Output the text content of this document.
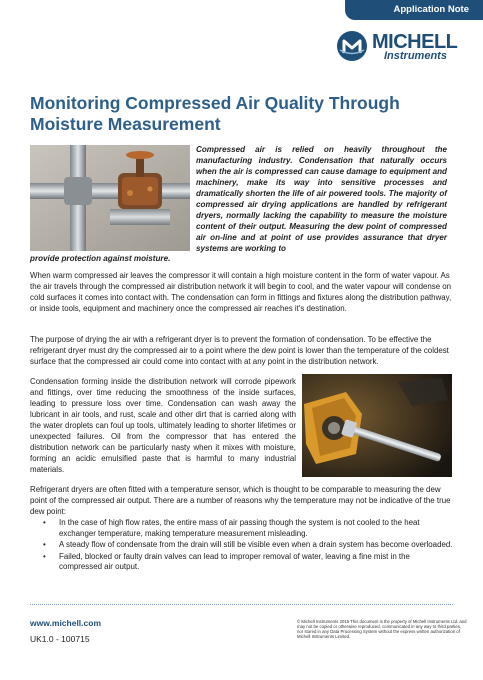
Application Note
MICHELL
Instruments
Monitoring Compressed Air Quality Through Moisture Measurement

Compressed air is relied on heavily throughout the manufacturing industry. Condensation that naturally occurs when the air is compressed can cause damage to equipment and machinery, make its way into sensitive processes and dramatically shorten the life of air powered tools. The majority of compressed air drying applications are handled by refrigerant dryers, normally lacking the capability to measure the moisture content of their output. Measuring the dew point of compressed air on-line and at point of use provides assurance that dryer systems are working to

provide protection against moisture.

When warm compressed air leaves the compressor it will contain a high moisture content in the form of water vapour. As the air travels through the compressed air distribution network it will begin to cool, and the water vapour will condense on cold surfaces it comes into contact with. The condensation can form in fittings and fixtures along the distribution pathway, or inside tools, equipment and machinery once the compressed air reaches it's destination.

The purpose of drying the air with a refrigerant dryer is to prevent the formation of condensation. To be effective the refrigerant dryer must dry the compressed air to a point where the dew point is lower than the temperature of the coldest surface that the compressed air could come into contact with at any point in the distribution network.

Condensation forming inside the distribution network will corrode pipework and fittings, over time reducing the smoothness of the inside surfaces, leading to pressure loss over time. Condensation can wash away the lubricant in air tools, and rust, scale and other dirt that is carried along with the water droplets can foul up tools, ultimately leading to shorter lifetimes or unexpected failures. Oil from the compressor that has entered the distribution network can be particularly nasty when it mixes with moisture, forming an acidic emulsified paste that is harmful to many industrial materials.

Refrigerant dryers are often fitted with a temperature sensor, which is thought to be comparable to measuring the dew point of the compressed air output. There are a number of reasons why the temperature may not be indicative of the true dew point:

• In the case of high flow rates, the entire mass of air passing though the system is not cooled to the heat exchanger temperature, making temperature measurement misleading.
• A steady flow of condensate from the drain will still be visible even when a drain system has become overloaded.
• Failed, blocked or faulty drain valves can lead to improper removal of water, leaving a fine mist in the compressed air output.
www.michell.com
UK1.0 - 100715

© Michell Instruments 2015 This document is the property of Michell Instruments Ltd. and may not be copied or otherwise reproduced, communicated in any way to third parties, nor stored in any Data Processing System without the express written authorization of Michell Instruments Limited.
